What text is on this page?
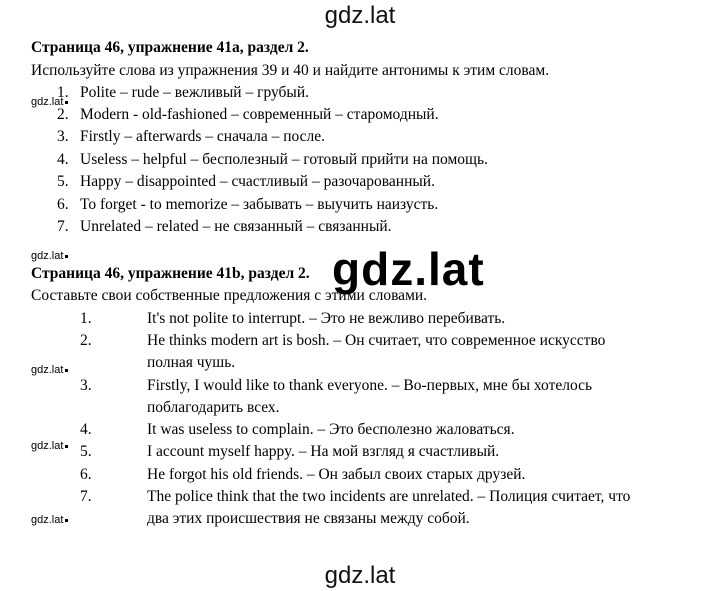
gdz.lat
Страница 46, упражнение 41a, раздел 2.
Используйте слова из упражнения 39 и 40 и найдите антонимы к этим словам.
gdz.lat
1. Polite – rude – вежливый – грубый.
2. Modern - old-fashioned – современный – старомодный.
3. Firstly – afterwards – сначала – после.
4. Useless – helpful – бесполезный – готовый прийти на помощь.
5. Happy – disappointed – счастливый – разочарованный.
6. To forget - to memorize – забывать – выучить наизусть.
7. Unrelated – related – не связанный – связанный.
gdz.lat
Страница 46, упражнение 41b, раздел 2.
Составьте свои собственные предложения с этими словами.
gdz.lat
1.	It's not polite to interrupt. – Это не вежливо перебивать.
2.	He thinks modern art is bosh. – Он считает, что современное искусство
полная чушь.
gdz.lat
3.	Firstly, I would like to thank everyone. – Во-первых, мне бы хотелось
поблагодарить всех.
4.	It was useless to complain. – Это бесполезно жаловаться.
gdz.lat	5.	I account myself happy. – На мой взгляд я счастливый.
6.	He forgot his old friends. – Он забыл своих старых друзей.
7.	The police think that the two incidents are unrelated. – Полиция считает, что
два этих происшествия не связаны между собой.
gdz.lat
gdz.lat
